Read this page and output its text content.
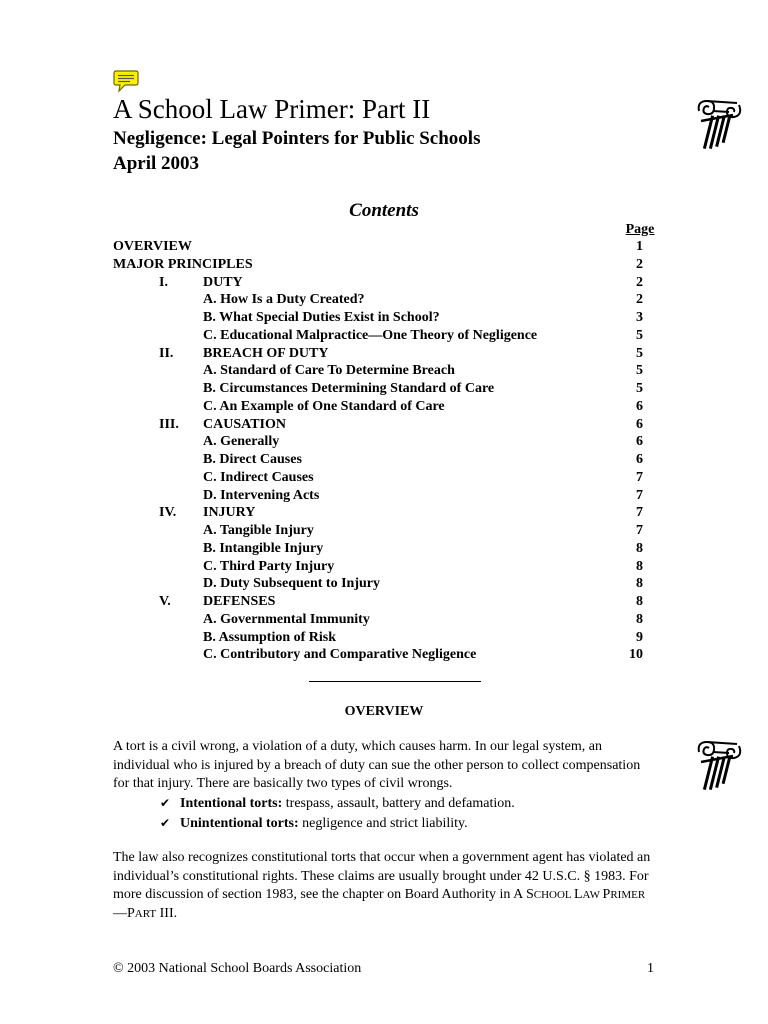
A School Law Primer: Part II
Negligence: Legal Pointers for Public Schools
April 2003
Contents
Page
OVERVIEW	1
MAJOR PRINCIPLES	2
I.	DUTY	2
A. How Is a Duty Created?	2
B. What Special Duties Exist in School?	3
C. Educational Malpractice—One Theory of Negligence	5
II. BREACH OF DUTY	5
A. Standard of Care To Determine Breach	5
B. Circumstances Determining Standard of Care	5
C. An Example of One Standard of Care	6
III. CAUSATION	6
A. Generally	6
B. Direct Causes	6
C. Indirect Causes	7
D. Intervening Acts	7
IV. INJURY	7
A. Tangible Injury	7
B. Intangible Injury	8
C. Third Party Injury	8
D. Duty Subsequent to Injury	8
V. DEFENSES	8
A. Governmental Immunity	8
B. Assumption of Risk	9
C. Contributory and Comparative Negligence	10
OVERVIEW
A tort is a civil wrong, a violation of a duty, which causes harm. In our legal system, an individual who is injured by a breach of duty can sue the other person to collect compensation for that injury. There are basically two types of civil wrongs.
✔ Intentional torts: trespass, assault, battery and defamation.
✔ Unintentional torts: negligence and strict liability.
The law also recognizes constitutional torts that occur when a government agent has violated an individual’s constitutional rights. These claims are usually brought under 42 U.S.C. § 1983. For more discussion of section 1983, see the chapter on Board Authority in A SCHOOL LAW PRIMER—PART III.
© 2003 National School Boards Association	1
